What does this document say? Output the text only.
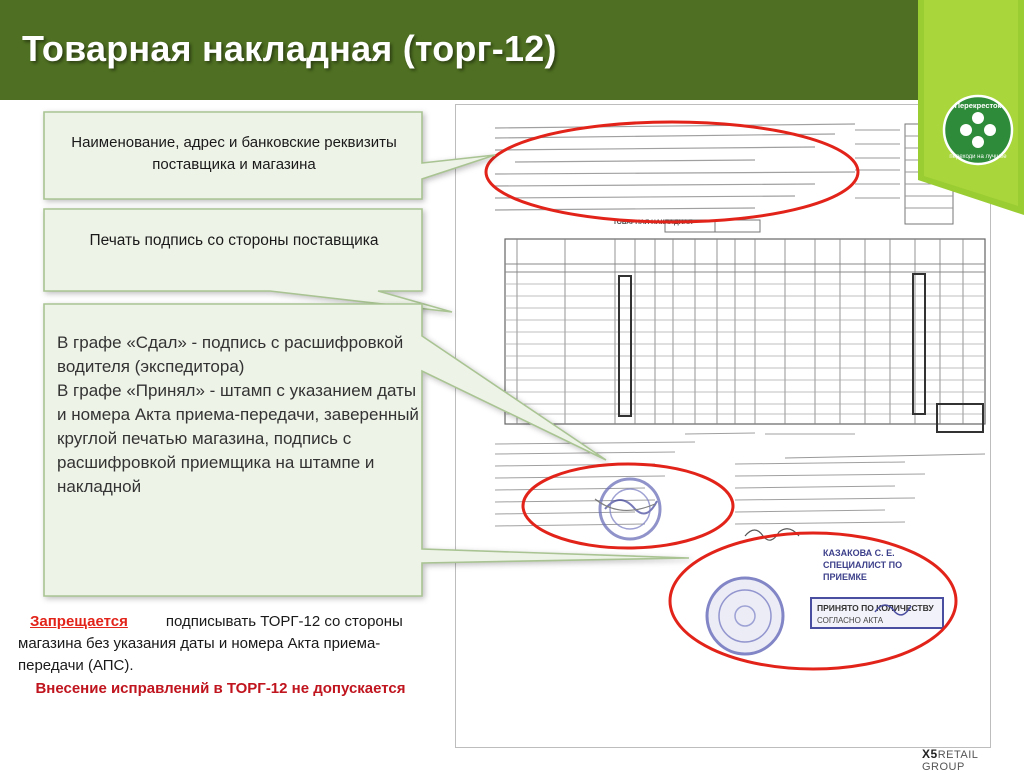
Товарная накладная (торг-12)
КАЗАКОВА С. Е.
СПЕЦИАЛИСТ ПО
ПРИЕМКЕ
ПРИНЯТО ПО КОЛИЧЕСТВУ
СОГЛАСНО АКТА
ТОВАРНАЯ НАКЛАДНАЯ
Наименование, адрес и банковские реквизиты поставщика и магазина
Печать подпись со стороны поставщика
В графе «Сдал» - подпись с расшифровкой водителя (экспедитора)
В графе «Принял» - штамп с указанием даты и номера Акта приема-передачи, заверенный круглой печатью магазина, подпись с расшифровкой приемщика на штампе и накладной
Запрещается	подписывать ТОРГ-12 со стороны магазина без указания даты и номера Акта приема-передачи (АПС).
Внесение исправлений в ТОРГ-12 не допускается
Перекресток
переходи на лучшее
X5RETAIL GROUP
